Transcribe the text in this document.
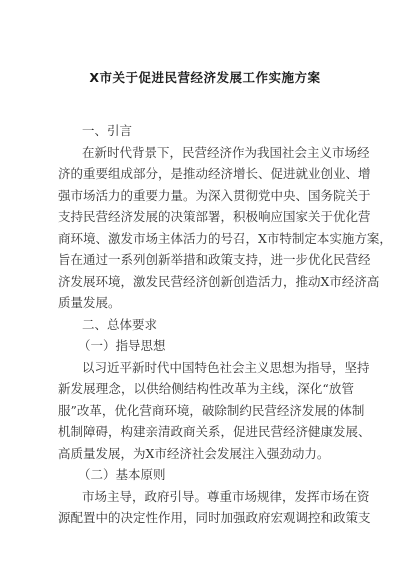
X市关于促进民营经济发展工作实施方案
一、引言
在新时代背景下，民营经济作为我国社会主义市场经
济的重要组成部分，是推动经济增长、促进就业创业、增
强市场活力的重要力量。为深入贯彻党中央、国务院关于
支持民营经济发展的决策部署，积极响应国家关于优化营
商环境、激发市场主体活力的号召，X市特制定本实施方案，
旨在通过一系列创新举措和政策支持，进一步优化民营经
济发展环境，激发民营经济创新创造活力，推动X市经济高
质量发展。
二、总体要求
（一）指导思想
以习近平新时代中国特色社会主义思想为指导，坚持
新发展理念，以供给侧结构性改革为主线，深化“放管
服”改革，优化营商环境，破除制约民营经济发展的体制
机制障碍，构建亲清政商关系，促进民营经济健康发展、
高质量发展，为X市经济社会发展注入强劲动力。
（二）基本原则
市场主导，政府引导。尊重市场规律，发挥市场在资
源配置中的决定性作用，同时加强政府宏观调控和政策支
